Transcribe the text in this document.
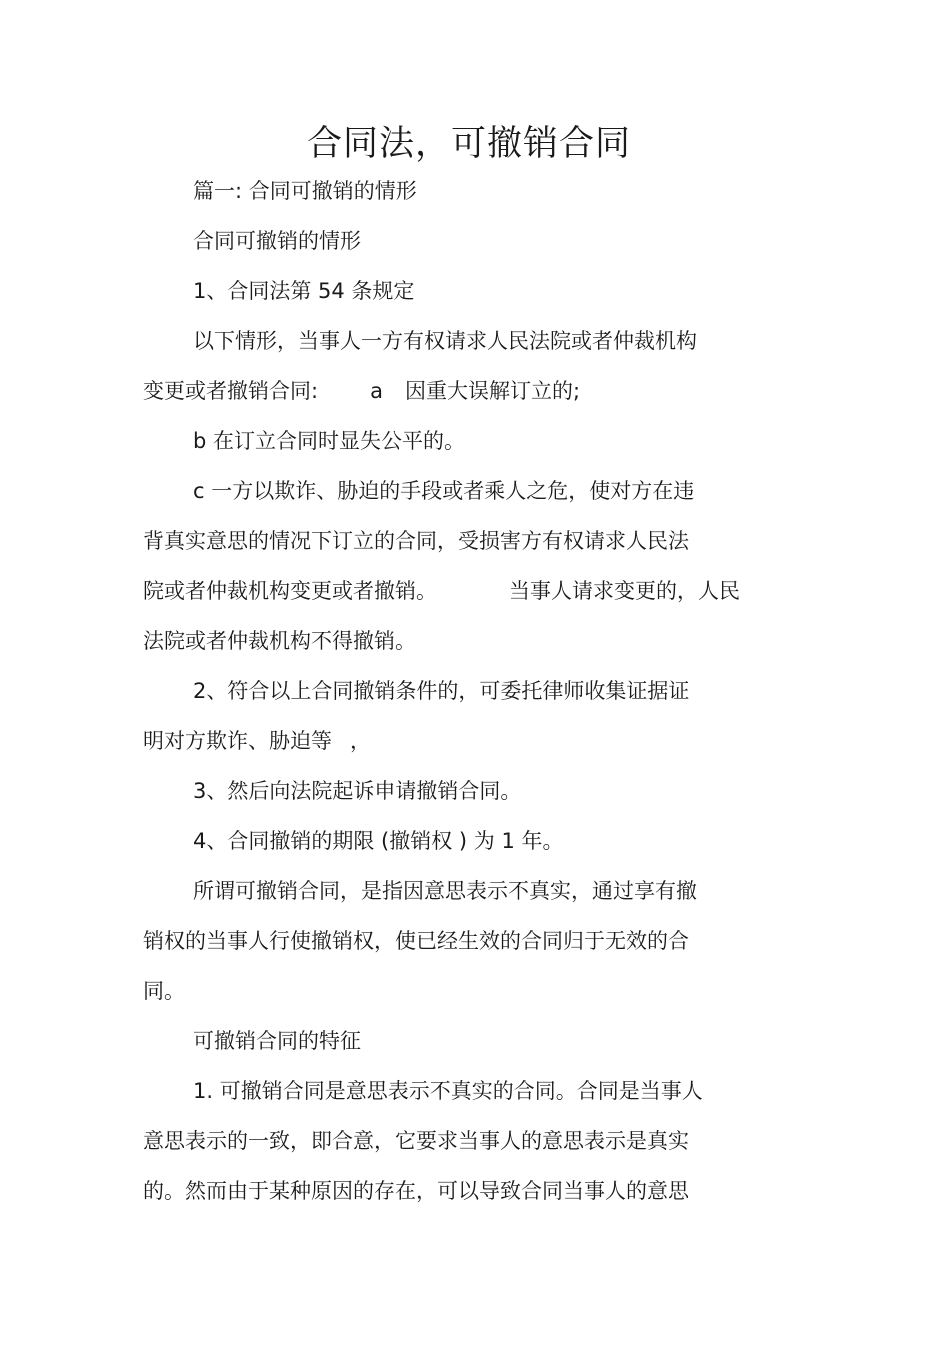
合同法，可撤销合同
篇一: 合同可撤销的情形
合同可撤销的情形
1、合同法第 54 条规定
以下情形，当事人一方有权请求人民法院或者仲裁机构
变更或者撤销合同: a 因重大误解订立的;
b 在订立合同时显失公平的。
c 一方以欺诈、胁迫的手段或者乘人之危，使对方在违
背真实意思的情况下订立的合同，受损害方有权请求人民法
院或者仲裁机构变更或者撤销。	当事人请求变更的，人民
法院或者仲裁机构不得撤销。
2、符合以上合同撤销条件的，可委托律师收集证据证
明对方欺诈、胁迫等 ，
3、然后向法院起诉申请撤销合同。
4、合同撤销的期限 (撤销权 ) 为 1 年。
所谓可撤销合同，是指因意思表示不真实，通过享有撤
销权的当事人行使撤销权，使已经生效的合同归于无效的合
同。
可撤销合同的特征
1. 可撤销合同是意思表示不真实的合同。合同是当事人
意思表示的一致，即合意，它要求当事人的意思表示是真实
的。然而由于某种原因的存在，可以导致合同当事人的意思
